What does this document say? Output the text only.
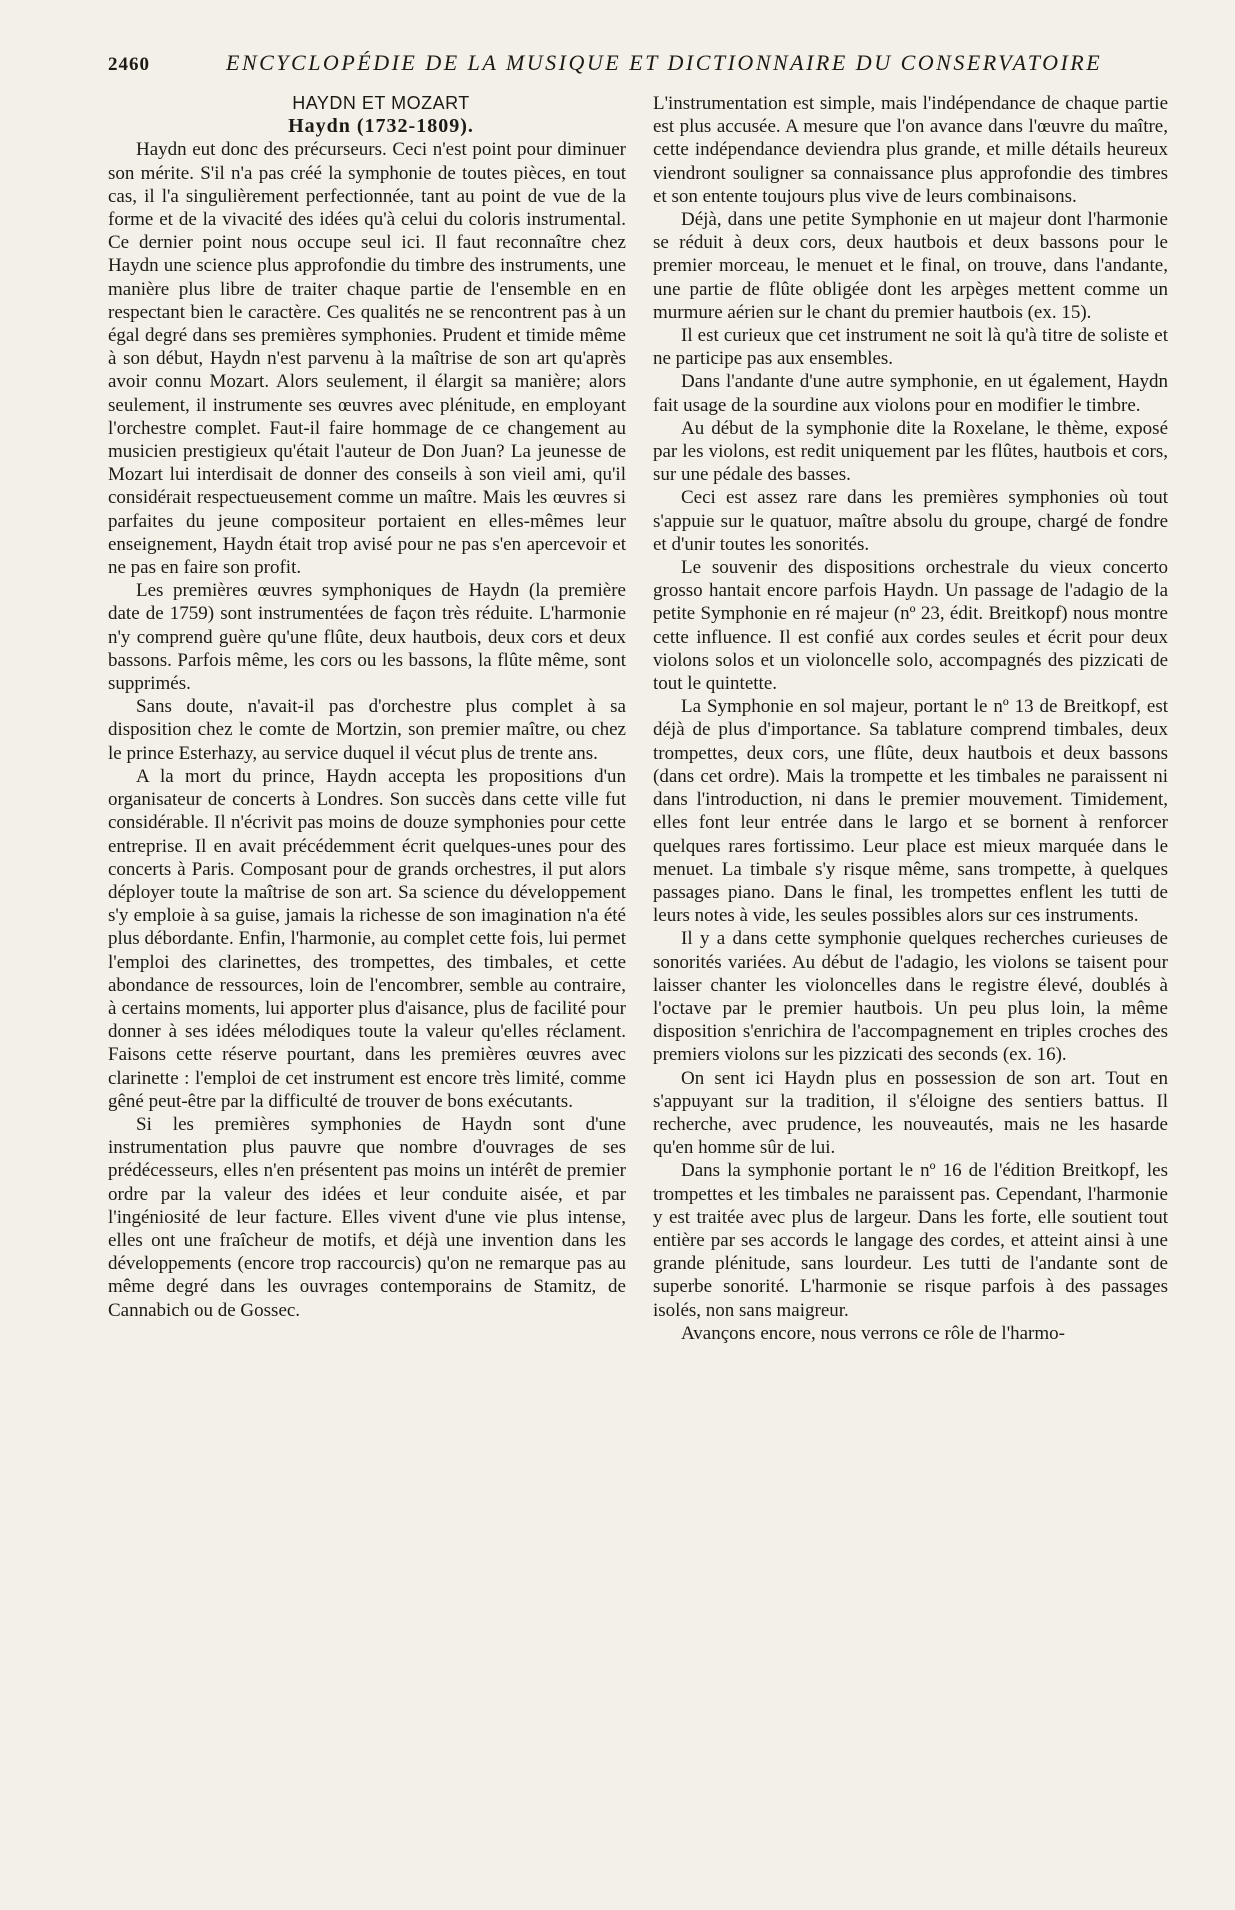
2460	ENCYCLOPÉDIE DE LA MUSIQUE ET DICTIONNAIRE DU CONSERVATOIRE

HAYDN ET MOZART

Haydn (1732-1809).

Haydn eut donc des précurseurs. Ceci n'est point pour diminuer son mérite. S'il n'a pas créé la symphonie de toutes pièces, en tout cas, il l'a singulièrement perfectionnée, tant au point de vue de la forme et de la vivacité des idées qu'à celui du coloris instrumental. Ce dernier point nous occupe seul ici. Il faut reconnaître chez Haydn une science plus approfondie du timbre des instruments, une manière plus libre de traiter chaque partie de l'ensemble en en respectant bien le caractère. Ces qualités ne se rencontrent pas à un égal degré dans ses premières symphonies. Prudent et timide même à son début, Haydn n'est parvenu à la maîtrise de son art qu'après avoir connu Mozart. Alors seulement, il élargit sa manière; alors seulement, il instrumente ses œuvres avec plénitude, en employant l'orchestre complet. Faut-il faire hommage de ce changement au musicien prestigieux qu'était l'auteur de Don Juan? La jeunesse de Mozart lui interdisait de donner des conseils à son vieil ami, qu'il considérait respectueusement comme un maître. Mais les œuvres si parfaites du jeune compositeur portaient en elles-mêmes leur enseignement, Haydn était trop avisé pour ne pas s'en apercevoir et ne pas en faire son profit.

Les premières œuvres symphoniques de Haydn (la première date de 1759) sont instrumentées de façon très réduite. L'harmonie n'y comprend guère qu'une flûte, deux hautbois, deux cors et deux bassons. Parfois même, les cors ou les bassons, la flûte même, sont supprimés.

Sans doute, n'avait-il pas d'orchestre plus complet à sa disposition chez le comte de Mortzin, son premier maître, ou chez le prince Esterhazy, au service duquel il vécut plus de trente ans.

A la mort du prince, Haydn accepta les propositions d'un organisateur de concerts à Londres. Son succès dans cette ville fut considérable. Il n'écrivit pas moins de douze symphonies pour cette entreprise. Il en avait précédemment écrit quelques-unes pour des concerts à Paris. Composant pour de grands orchestres, il put alors déployer toute la maîtrise de son art. Sa science du développement s'y emploie à sa guise, jamais la richesse de son imagination n'a été plus débordante. Enfin, l'harmonie, au complet cette fois, lui permet l'emploi des clarinettes, des trompettes, des timbales, et cette abondance de ressources, loin de l'encombrer, semble au contraire, à certains moments, lui apporter plus d'aisance, plus de facilité pour donner à ses idées mélodiques toute la valeur qu'elles réclament. Faisons cette réserve pourtant, dans les premières œuvres avec clarinette : l'emploi de cet instrument est encore très limité, comme gêné peut-être par la difficulté de trouver de bons exécutants.

Si les premières symphonies de Haydn sont d'une instrumentation plus pauvre que nombre d'ouvrages de ses prédécesseurs, elles n'en présentent pas moins un intérêt de premier ordre par la valeur des idées et leur conduite aisée, et par l'ingéniosité de leur facture. Elles vivent d'une vie plus intense, elles ont une fraîcheur de motifs, et déjà une invention dans les développements (encore trop raccourcis) qu'on ne remarque pas au même degré dans les ouvrages contemporains de Stamitz, de Cannabich ou de Gossec.

L'instrumentation est simple, mais l'indépendance de chaque partie est plus accusée. A mesure que l'on avance dans l'œuvre du maître, cette indépendance deviendra plus grande, et mille détails heureux viendront souligner sa connaissance plus approfondie des timbres et son entente toujours plus vive de leurs combinaisons.

Déjà, dans une petite Symphonie en ut majeur dont l'harmonie se réduit à deux cors, deux hautbois et deux bassons pour le premier morceau, le menuet et le final, on trouve, dans l'andante, une partie de flûte obligée dont les arpèges mettent comme un murmure aérien sur le chant du premier hautbois (ex. 15).

Il est curieux que cet instrument ne soit là qu'à titre de soliste et ne participe pas aux ensembles.

Dans l'andante d'une autre symphonie, en ut également, Haydn fait usage de la sourdine aux violons pour en modifier le timbre.

Au début de la symphonie dite la Roxelane, le thème, exposé par les violons, est redit uniquement par les flûtes, hautbois et cors, sur une pédale des basses.

Ceci est assez rare dans les premières symphonies où tout s'appuie sur le quatuor, maître absolu du groupe, chargé de fondre et d'unir toutes les sonorités.

Le souvenir des dispositions orchestrale du vieux concerto grosso hantait encore parfois Haydn. Un passage de l'adagio de la petite Symphonie en ré majeur (nº 23, édit. Breitkopf) nous montre cette influence. Il est confié aux cordes seules et écrit pour deux violons solos et un violoncelle solo, accompagnés des pizzicati de tout le quintette.

La Symphonie en sol majeur, portant le nº 13 de Breitkopf, est déjà de plus d'importance. Sa tablature comprend timbales, deux trompettes, deux cors, une flûte, deux hautbois et deux bassons (dans cet ordre). Mais la trompette et les timbales ne paraissent ni dans l'introduction, ni dans le premier mouvement. Timidement, elles font leur entrée dans le largo et se bornent à renforcer quelques rares fortissimo. Leur place est mieux marquée dans le menuet. La timbale s'y risque même, sans trompette, à quelques passages piano. Dans le final, les trompettes enflent les tutti de leurs notes à vide, les seules possibles alors sur ces instruments.

Il y a dans cette symphonie quelques recherches curieuses de sonorités variées. Au début de l'adagio, les violons se taisent pour laisser chanter les violoncelles dans le registre élevé, doublés à l'octave par le premier hautbois. Un peu plus loin, la même disposition s'enrichira de l'accompagnement en triples croches des premiers violons sur les pizzicati des seconds (ex. 16).

On sent ici Haydn plus en possession de son art. Tout en s'appuyant sur la tradition, il s'éloigne des sentiers battus. Il recherche, avec prudence, les nouveautés, mais ne les hasarde qu'en homme sûr de lui.

Dans la symphonie portant le nº 16 de l'édition Breitkopf, les trompettes et les timbales ne paraissent pas. Cependant, l'harmonie y est traitée avec plus de largeur. Dans les forte, elle soutient tout entière par ses accords le langage des cordes, et atteint ainsi à une grande plénitude, sans lourdeur. Les tutti de l'andante sont de superbe sonorité. L'harmonie se risque parfois à des passages isolés, non sans maigreur.

Avançons encore, nous verrons ce rôle de l'harmo-
